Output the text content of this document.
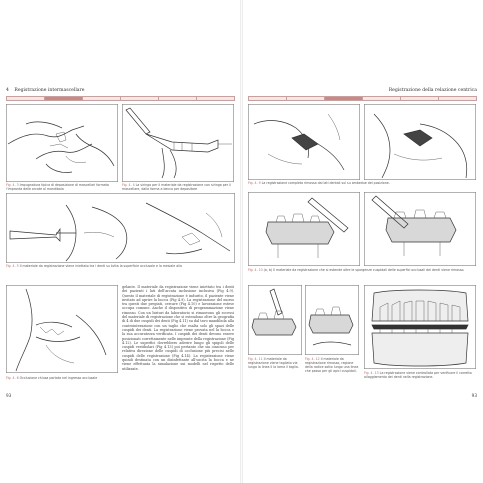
4 Registrazione intermascellare
Fig. 4. 3 Impugnatura tipica di deposizione di mascellari formata l'impronta delle arcate al mandibola
Fig. 4. 4 La siringa per il materiale da registrazione con siringa per il mascellare, dalla forma a becco per depositare
Fig. 4. 5 Il materiale da registrazione viene iniettato tra i denti su tutta la superficie occlusale e la mesiale alla
Fig. 4. 6 Occlusione chiusa portata nel ingresso occlusale
gelante. Il materiale da registrazione viene iniettato tra i denti dei pazienti i lati dell'arcata inclusione inclusiva (Fig 4.9). Questo il materiale di registrazione è indurito, il paziente viene invitato ad aprire la bocca (Fig 4.9). La registrazione del morso tra questi due pregiati, cercare (Fig 4.10) e lavorazione estese occupa comune. Anche il dispositivo di programmazione viene rimosso. Con un bisturi da laboratorio si rimuovono gli eccessi del materiale di registrazione che si estendono oltre la geografia di 4 di due cuspidi dei denti (Fig 4.11) su dal tavo mandibola alla controinterazione con un taglio che esalta solo gli spazi delle cuspidi dei denti. La registrazione viene provata nel la bocca e la sua accuratezza verificata. I cuspidi dei denti devono essere posizionati correttamente nelle impronte della registrazione (Fig 4.12). Le superfici dovrebbero aderire lungo gli spigoli delle cuspidi vestibolari (Fig 4.13) poi pertanto che sia ciascuno per relativa direzione delle cuspidi di occlusione più precisi nelle cuspidi delle registrazione (Fig 4.14). La registrazione viene quindi destinata con un disinfettante all'uscita la bocca e ne viene effettuata la simulazione sui modelli nel rispetto delle utilizzate.
93
Registrazione della relazione centrica
Fig. 4. 9 La registrazione completa rimossa dai lati dentali sul su ambedue del posizione.
Fig. 4. 10 (a, b) Il materiale da registrazione che si estende oltre le sporgenze cuspidali delle superfici occlusali dei denti viene rimosso.
Fig. 4. 11 Il materiale da registrazione viene tagliato via lungo la linea il la lama il taglio.
Fig. 4. 12 Il materiale da registrazione rimosso, regione della radice sotto lungo una linea che passa per gli apici cuspidali.	Fig. 4. 13 La registrazione viene controllata per verificare il corretto alloggiamento dei denti nella registrazione.
93
